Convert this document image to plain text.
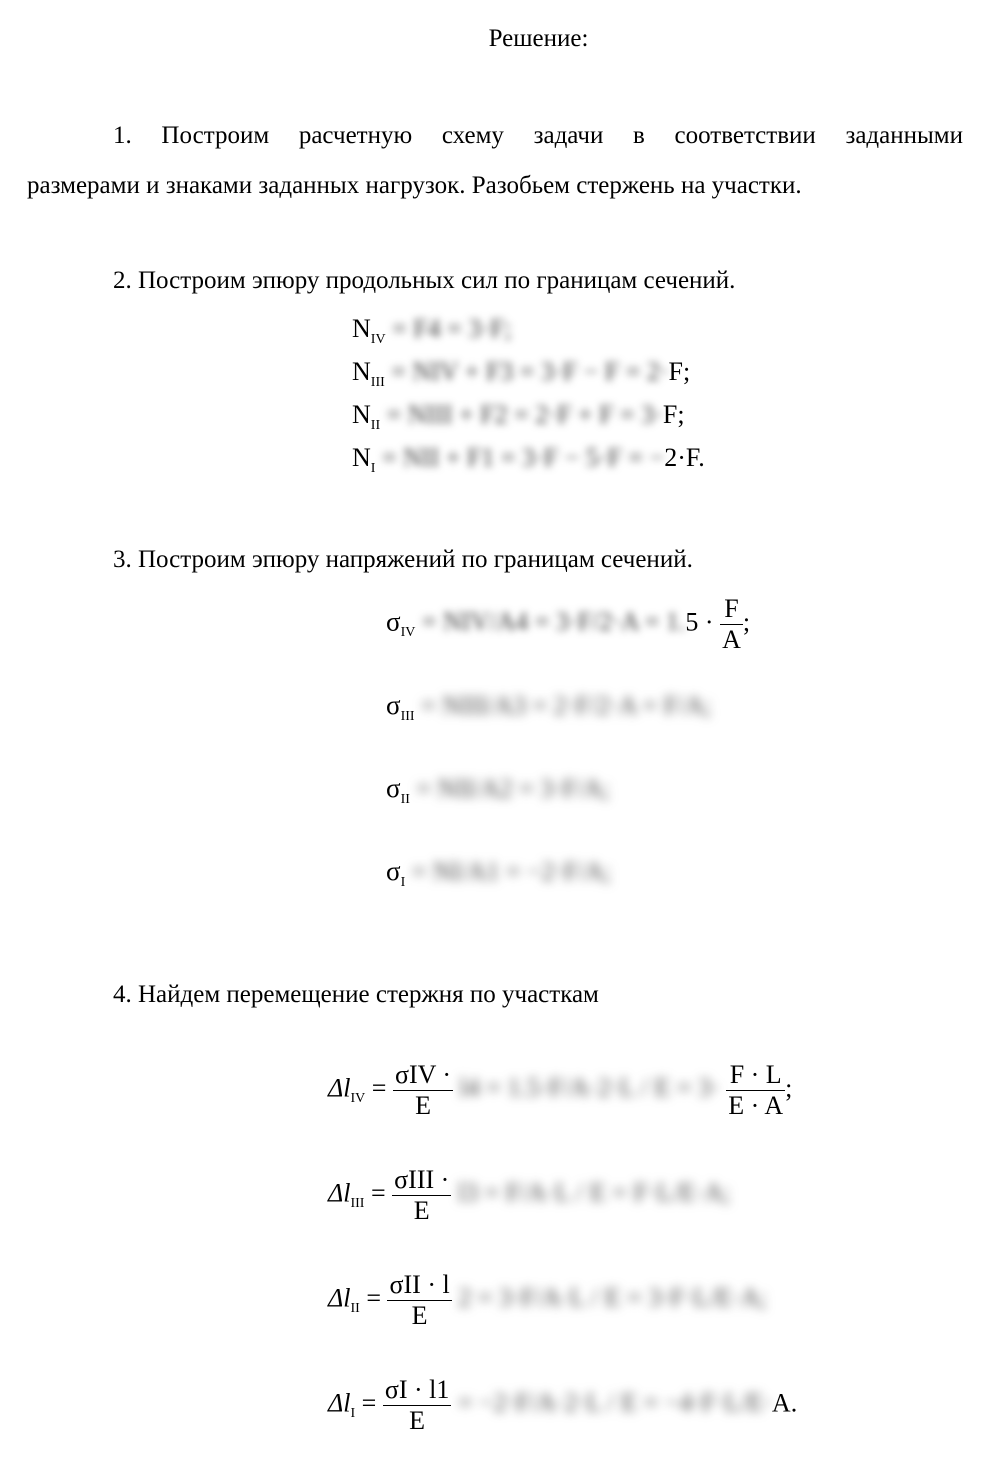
Решение:
1. Построим расчетную схему задачи в соответствии заданными
размерами и знаками заданных нагрузок. Разобьем стержень на участки.
2. Построим эпюру продольных сил по границам сечений.
$N_{IV} = F4 = 3\cdot F$;
$N_{III}$ = NIV + F3 = 3·F − F = 2·F;
$N_{II}$ = NIII + F2 = 2·F + F = 3·F;
$N_I$ = NII + F1 = 3·F − 5·F = −2·F.
3. Построим эпюру напряжений по границам сечений.
$\sigma_{IV} = NIV/A4 = 3\cdot F/2\cdot A = 1.5 \cdot \frac{F}{A}$ ;
$\sigma_{III}$ = NIII/A3 = 2·F/2·A = F/A;
$\sigma_{II} = NII/A2 = 3\cdot F/A$;
$\sigma_I = NI/A1 = -2\cdot F/A$;
4. Найдем перемещение стержня по участкам
$\Delta l_{IV} = \frac{\text{σIV ·}}{E} l4 = 1.5\cdot F/A\cdot 2\cdot L / E = 3\cdot \frac{F \cdot L}{E \cdot A}$ ;
$\Delta l_{III} = \frac{\text{σIII ·}}{E} l3 = F/A\cdot L / E = F\cdot L/E\cdot A$;
$\Delta l_{II} = \frac{\text{σII · l}}{E} 2 = 3\cdot F/A\cdot L / E = 3\cdot F\cdot L/E\cdot A$;
$\Delta l_I = \frac{\sigma I \cdot l1}{E} = -2\cdot F/A\cdot 2\cdot L / E = -4\cdot F\cdot L/E\cdot A$.
